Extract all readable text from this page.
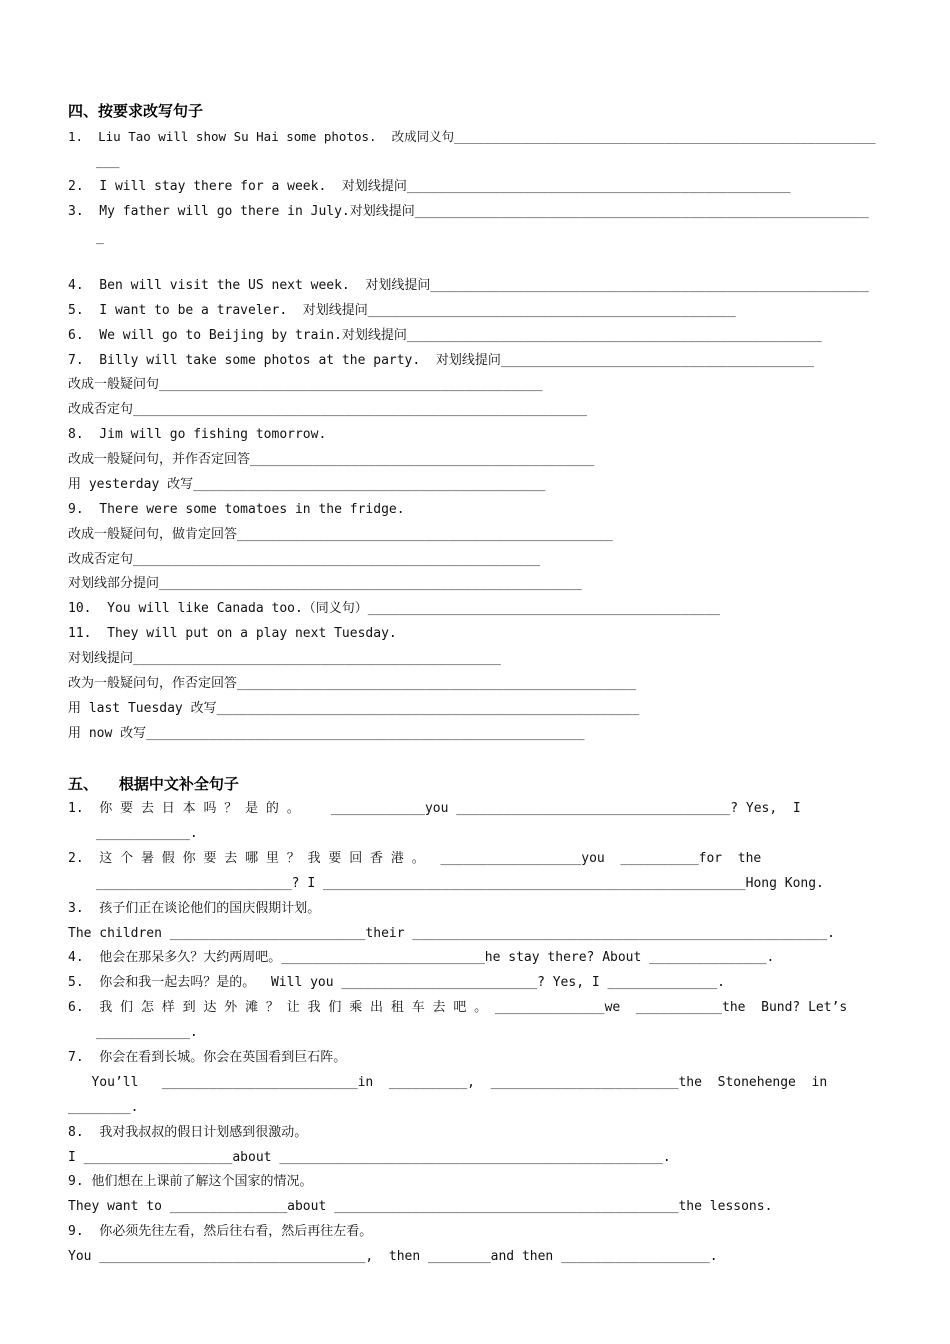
四、按要求改写句子
1.  Liu Tao will show Su Hai some photos.  改成同义句________________________________________________________
___
2.  I will stay there for a week.  对划线提问_________________________________________________
3.  My father will go there in July.对划线提问__________________________________________________________
_
4.  Ben will visit the US next week.  对划线提问________________________________________________________
5.  I want to be a traveler.  对划线提问_______________________________________________
6.  We will go to Beijing by train.对划线提问_____________________________________________________
7.  Billy will take some photos at the party.  对划线提问________________________________________
改成一般疑问句_________________________________________________
改成否定句__________________________________________________________
8.  Jim will go fishing tomorrow.
改成一般疑问句，并作否定回答____________________________________________
用 yesterday 改写_____________________________________________
9.  There were some tomatoes in the fridge.
改成一般疑问句，做肯定回答________________________________________________
改成否定句____________________________________________________
对划线部分提问______________________________________________________
10.  You will like Canada too.（同义句）_____________________________________________
11.  They will put on a play next Tuesday.
对划线提问_______________________________________________
改为一般疑问句，作否定回答___________________________________________________
用 last Tuesday 改写______________________________________________________
用 now 改写________________________________________________________
五、    根据中文补全句子
1.  你 要 去 日 本 吗 ？ 是 的 。    ____________you ___________________________________? Yes,  I
____________.
2.  这 个 暑 假 你 要 去 哪 里 ？ 我 要 回 香 港 。  __________________you  __________for  the
_________________________? I ______________________________________________________Hong Kong.
3.  孩子们正在谈论他们的国庆假期计划。
The children _________________________their _____________________________________________________.
4.  他会在那呆多久？大约两周吧。__________________________he stay there? About _______________.
5.  你会和我一起去吗？是的。  Will you _________________________? Yes, I ______________.
6.  我 们 怎 样 到 达 外 滩 ？ 让 我 们 乘 出 租 车 去 吧 。 ______________we  ___________the  Bund? Let’s
____________.
7.  你会在看到长城。你会在英国看到巨石阵。
You’ll   _________________________in  __________,  ________________________the  Stonehenge  in
________.
8.  我对我叔叔的假日计划感到很激动。
I ___________________about _________________________________________________.
9. 他们想在上课前了解这个国家的情况。
They want to _______________about ____________________________________________the lessons.
9.  你必须先往左看，然后往右看，然后再往左看。
You __________________________________,  then ________and then ___________________.
